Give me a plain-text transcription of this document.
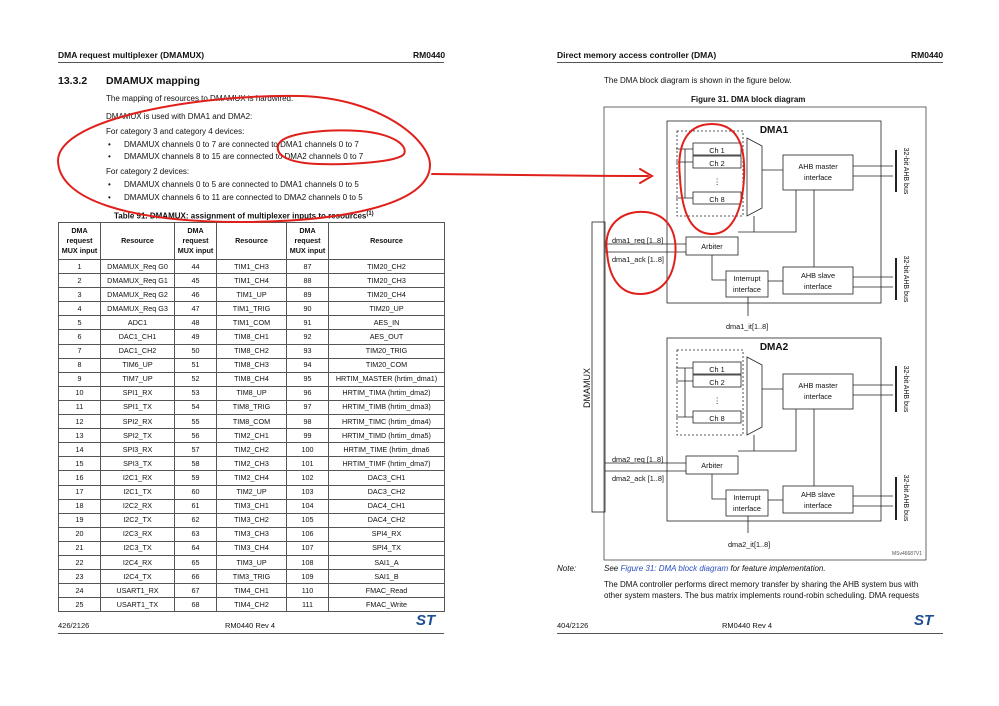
DMA request multiplexer (DMAMUX)	RM0440
13.3.2 DMAMUX mapping
The mapping of resources to DMAMUX is hardwired.
DMAMUX is used with DMA1 and DMA2:
For category 3 and category 4 devices:
• DMAMUX channels 0 to 7 are connected to DMA1 channels 0 to 7
• DMAMUX channels 8 to 15 are connected to DMA2 channels 0 to 7
For category 2 devices:
• DMAMUX channels 0 to 5 are connected to DMA1 channels 0 to 5
• DMAMUX channels 6 to 11 are connected to DMA2 channels 0 to 5
Table 91. DMAMUX: assignment of multiplexer inputs to resources$^{(1)}$
DMA request MUX input	Resource	DMA request MUX input	Resource	DMA request MUX input	Resource
1	DMAMUX_Req G0	44	TIM1_CH3	87	TIM20_CH2
2	DMAMUX_Req G1	45	TIM1_CH4	88	TIM20_CH3
3	DMAMUX_Req G2	46	TIM1_UP	89	TIM20_CH4
4	DMAMUX_Req G3	47	TIM1_TRIG	90	TIM20_UP
5	ADC1	48	TIM1_COM	91	AES_IN
6	DAC1_CH1	49	TIM8_CH1	92	AES_OUT
7	DAC1_CH2	50	TIM8_CH2	93	TIM20_TRIG
8	TIM6_UP	51	TIM8_CH3	94	TIM20_COM
9	TIM7_UP	52	TIM8_CH4	95	HRTIM_MASTER (hrtim_dma1)
10	SPI1_RX	53	TIM8_UP	96	HRTIM_TIMA (hrtim_dma2)
11	SPI1_TX	54	TIM8_TRIG	97	HRTIM_TIMB (hrtim_dma3)
12	SPI2_RX	55	TIM8_COM	98	HRTIM_TIMC (hrtim_dma4)
13	SPI2_TX	56	TIM2_CH1	99	HRTIM_TIMD (hrtim_dma5)
14	SPI3_RX	57	TIM2_CH2	100	HRTIM_TIME (hrtim_dma6
15	SPI3_TX	58	TIM2_CH3	101	HRTIM_TIMF (hrtim_dma7)
16	I2C1_RX	59	TIM2_CH4	102	DAC3_CH1
17	I2C1_TX	60	TIM2_UP	103	DAC3_CH2
18	I2C2_RX	61	TIM3_CH1	104	DAC4_CH1
19	I2C2_TX	62	TIM3_CH2	105	DAC4_CH2
20	I2C3_RX	63	TIM3_CH3	106	SPI4_RX
21	I2C3_TX	64	TIM3_CH4	107	SPI4_TX
22	I2C4_RX	65	TIM3_UP	108	SAI1_A
23	I2C4_TX	66	TIM3_TRIG	109	SAI1_B
24	USART1_RX	67	TIM4_CH1	110	FMAC_Read
25	USART1_TX	68	TIM4_CH2	111	FMAC_Write
426/2126	RM0440 Rev 4	ST
Direct memory access controller (DMA)	RM0440
The DMA block diagram is shown in the figure below.
Figure 31. DMA block diagram
DMAMUX
DMA1
Ch 1
Ch 2
⋮
Ch 8
Arbiter
AHB master
interface
AHB slave
interface
Interrupt
interface
dma1_req [1..8]
dma1_ack [1..8]
dma1_it[1..8]
DMA2
Ch 1
Ch 2
⋮
Ch 8
Arbiter
AHB master
interface
AHB slave
interface
Interrupt
interface
dma2_req [1..8]
dma2_ack [1..8]
dma2_it[1..8]
32-bit AHB bus
32-bit AHB bus
32-bit AHB bus
32-bit AHB bus
MSv46687V1
Note:	See Figure 31: DMA block diagram for feature implementation.
The DMA controller performs direct memory transfer by sharing the AHB system bus with
other system masters. The bus matrix implements round-robin scheduling. DMA requests
404/2126	RM0440 Rev 4	ST
